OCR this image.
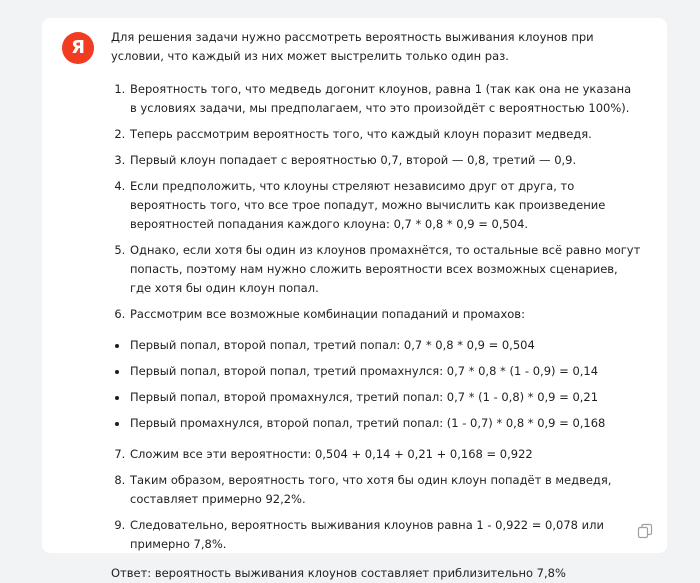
Я Для решения задачи нужно рассмотреть вероятность выживания клоунов при условии, что каждый из них может выстрелить только один раз.

1. Вероятность того, что медведь догонит клоунов, равна 1 (так как она не указана в условиях задачи, мы предполагаем, что это произойдёт с вероятностью 100%).
2. Теперь рассмотрим вероятность того, что каждый клоун поразит медведя.
3. Первый клоун попадает с вероятностью 0,7, второй — 0,8, третий — 0,9.
4. Если предположить, что клоуны стреляют независимо друг от друга, то вероятность того, что все трое попадут, можно вычислить как произведение вероятностей попадания каждого клоуна: 0,7 * 0,8 * 0,9 = 0,504.
5. Однако, если хотя бы один из клоунов промахнётся, то остальные всё равно могут попасть, поэтому нам нужно сложить вероятности всех возможных сценариев, где хотя бы один клоун попал.
6. Рассмотрим все возможные комбинации попаданий и промахов:
• Первый попал, второй попал, третий попал: 0,7 * 0,8 * 0,9 = 0,504
• Первый попал, второй попал, третий промахнулся: 0,7 * 0,8 * (1 - 0,9) = 0,14
• Первый попал, второй промахнулся, третий попал: 0,7 * (1 - 0,8) * 0,9 = 0,21
• Первый промахнулся, второй попал, третий попал: (1 - 0,7) * 0,8 * 0,9 = 0,168
7. Сложим все эти вероятности: 0,504 + 0,14 + 0,21 + 0,168 = 0,922
8. Таким образом, вероятность того, что хотя бы один клоун попадёт в медведя, составляет примерно 92,2%.
9. Следовательно, вероятность выживания клоунов равна 1 - 0,922 = 0,078 или примерно 7,8%.

Ответ: вероятность выживания клоунов составляет приблизительно 7,8%
